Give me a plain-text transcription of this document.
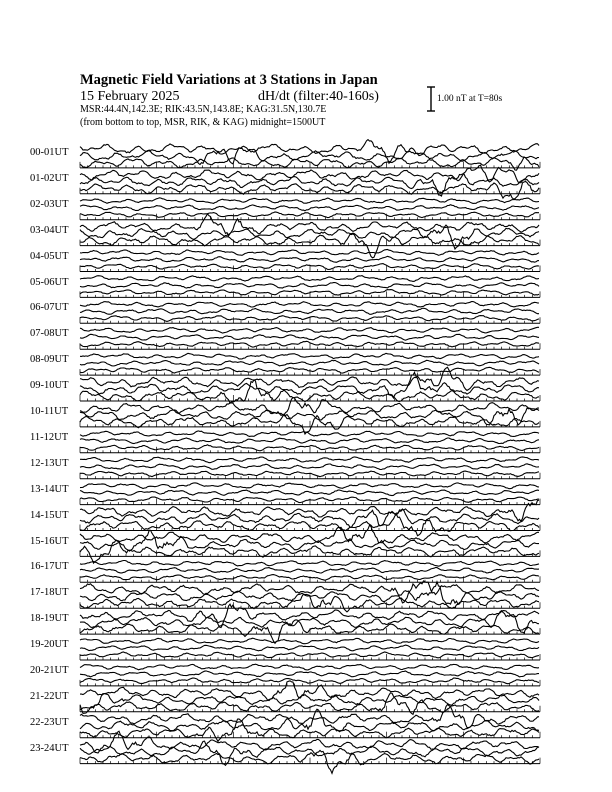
Magnetic Field Variations at 3 Stations in Japan
15 February 2025	dH/dt (filter:40-160s)
MSR:44.4N,142.3E; RIK:43.5N,143.8E; KAG:31.5N,130.7E
(from bottom to top, MSR, RIK, & KAG) midnight=1500UT
1.00 nT at T=80s
00-01UT
01-02UT
02-03UT
03-04UT
04-05UT
05-06UT
06-07UT
07-08UT
08-09UT
09-10UT
10-11UT
11-12UT
12-13UT
13-14UT
14-15UT
15-16UT
16-17UT
17-18UT
18-19UT
19-20UT
20-21UT
21-22UT
22-23UT
23-24UT
